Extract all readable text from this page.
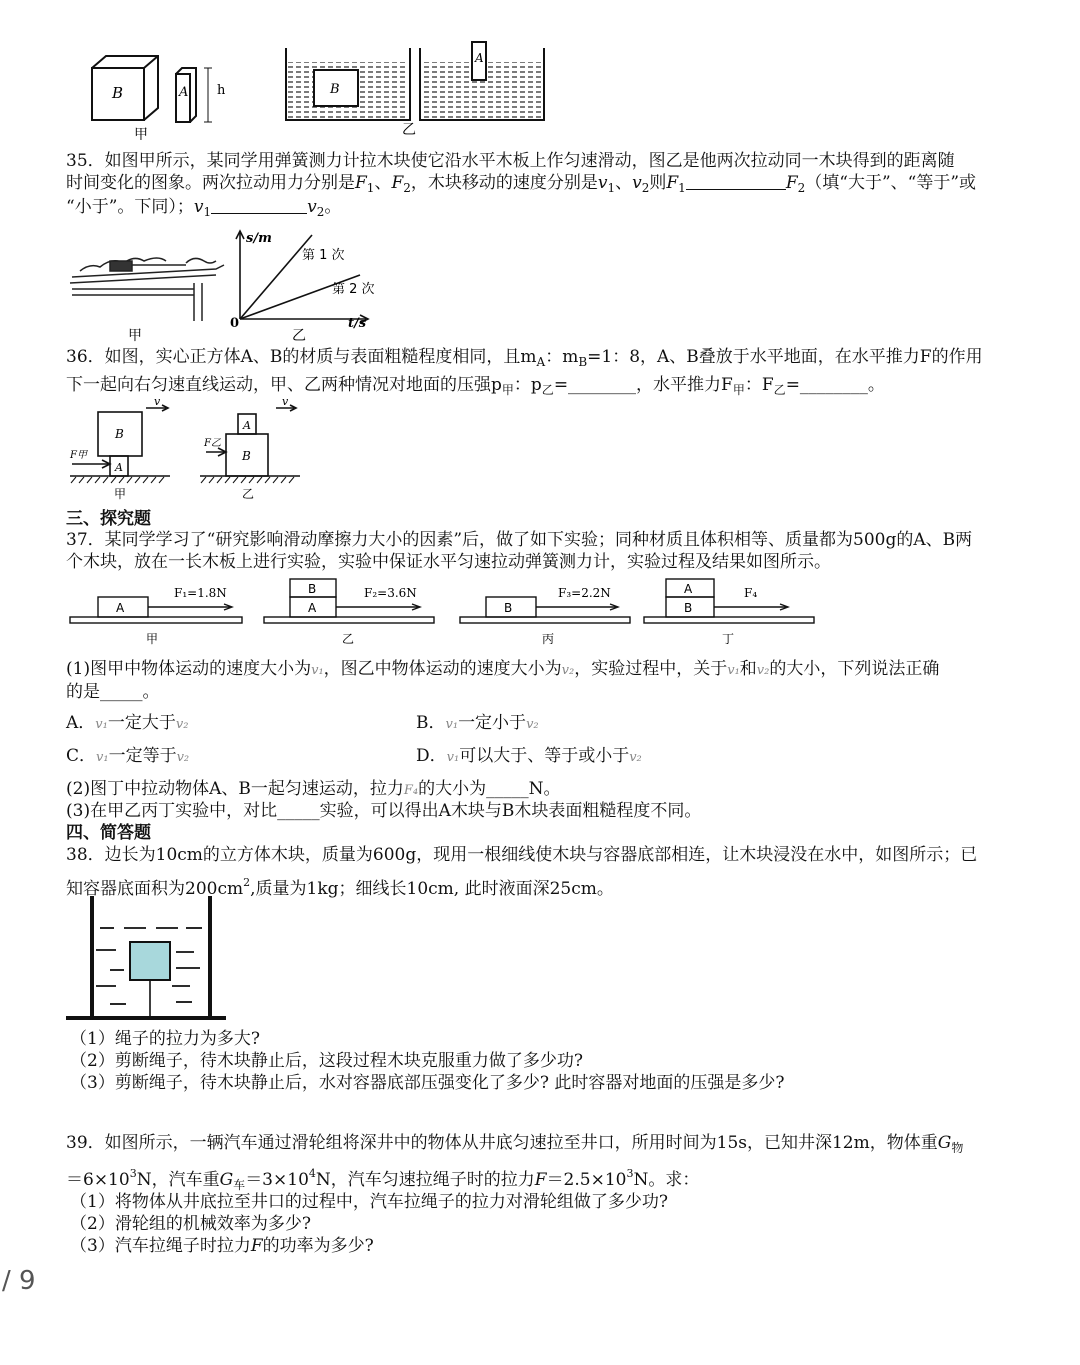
B	A h	B
A
甲	乙
35．如图甲所示，某同学用弹簧测力计拉木块使它沿水平木板上作匀速滑动，图乙是他两次拉动同一木块得到的距离随
时间变化的图象。两次拉动用力分别是$F_1$、$F_2$，木块移动的速度分别是$v_1$、$v_2$则$F_1$	$F_2$（填“大于”、“等于”或
“小于”。下同）；$v_1$	$v_2$。
甲
s/m
第 1 次
第 2 次
0	t/s
乙
36．如图，实心正方体A、B的材质与表面粗糙程度相同，且$m_A$：$m_B=1$：8，A、B叠放于水平地面，在水平推力F的作用
下一起向右匀速直线运动，甲、乙两种情况对地面的压强$p_甲$：$p_乙=\_\_\_\_\_\_\_\_$，水平推力$F_甲$：$F_乙=\_\_\_\_\_\_\_\_$。
B
A
v
F甲
甲
A
B
v
F乙
乙
三、探究题
37．某同学学习了“研究影响滑动摩擦力大小的因素”后，做了如下实验；同种材质且体积相等、质量都为500g的A、B两
个木块，放在一长木板上进行实验，实验中保证水平匀速拉动弹簧测力计，实验过程及结果如图所示。
A
F₁=1.8N
甲
B
A
F₂=3.6N
乙
B
F₃=2.2N
丙
A
B
F₄
丁
(1)图甲中物体运动的速度大小为v₁，图乙中物体运动的速度大小为v₂，实验过程中，关于v₁和v₂的大小，下列说法正确
的是_____。
A．v₁一定大于v₂	B．v₁一定小于v₂
C．v₁一定等于v₂	D．v₁可以大于、等于或小于v₂
(2)图丁中拉动物体A、B一起匀速运动，拉力F₄的大小为_____N。
(3)在甲乙丙丁实验中，对比_____实验，可以得出A木块与B木块表面粗糙程度不同。
四、简答题
38．边长为10cm的立方体木块，质量为600g，现用一根细线使木块与容器底部相连，让木块浸没在水中，如图所示；已
知容器底面积为$200cm^2$,质量为1kg；细线长10cm, 此时液面深25cm。
（1）绳子的拉力为多大?
（2）剪断绳子，待木块静止后，这段过程木块克服重力做了多少功?
（3）剪断绳子，待木块静止后，水对容器底部压强变化了多少? 此时容器对地面的压强是多少?
39．如图所示，一辆汽车通过滑轮组将深井中的物体从井底匀速拉至井口，所用时间为15s，已知井深12m，物体重$G_物$
$=6\times 10^3N$，汽车重$G_车=3\times 10^4N$，汽车匀速拉绳子时的拉力$F=2.5\times 10^3N$。求：
（1）将物体从井底拉至井口的过程中，汽车拉绳子的拉力对滑轮组做了多少功?
（2）滑轮组的机械效率为多少?
（3）汽车拉绳子时拉力F的功率为多少?
/ 9
